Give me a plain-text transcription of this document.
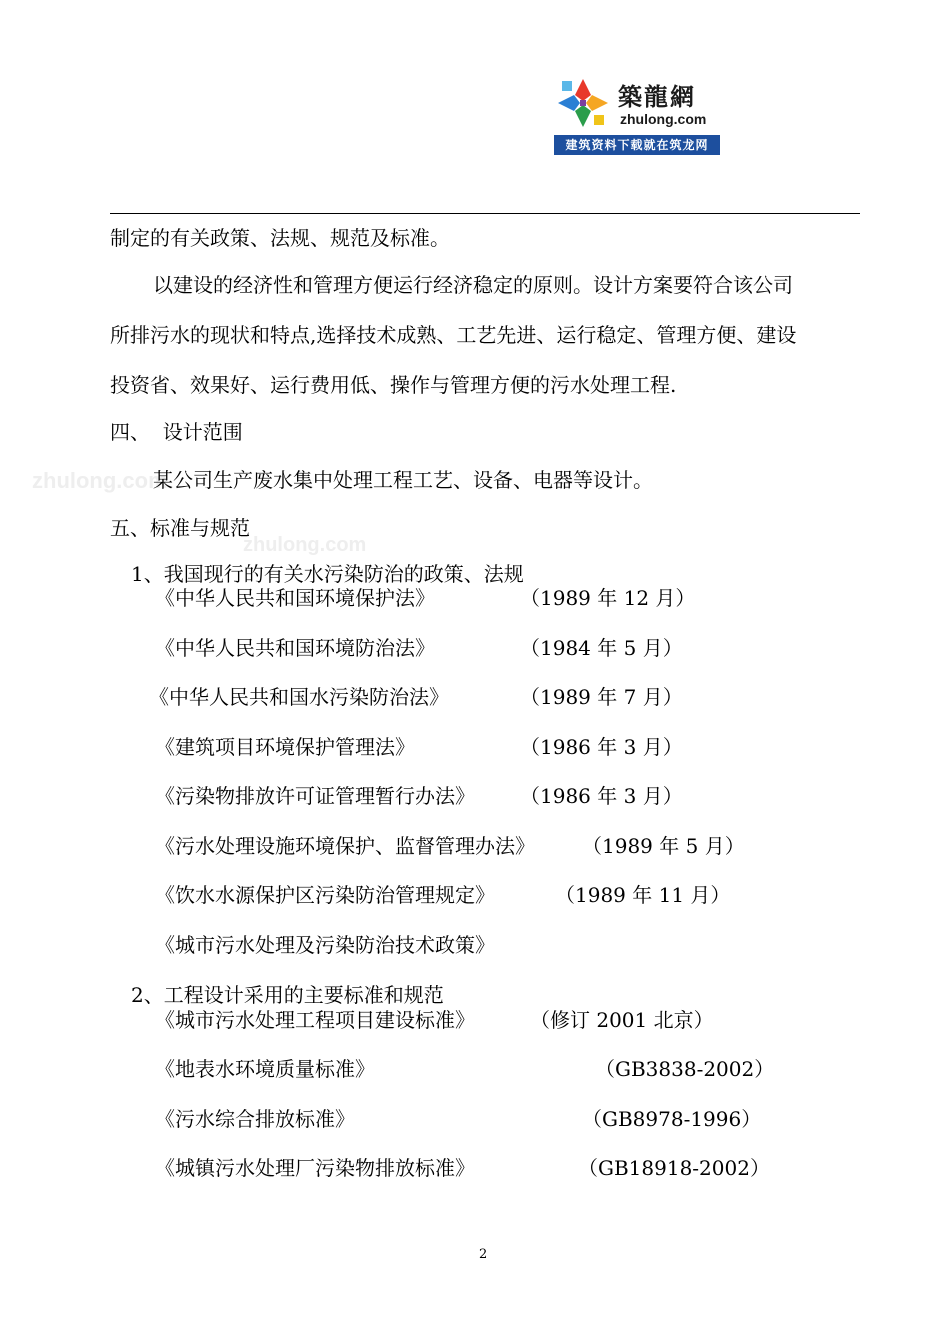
築龍網
zhulong.com
建筑资料下载就在筑龙网
zhulong.com
zhulong.com
制定的有关政策、法规、规范及标准。
以建设的经济性和管理方便运行经济稳定的原则。设计方案要符合该公司
所排污水的现状和特点,选择技术成熟、工艺先进、运行稳定、管理方便、建设
投资省、效果好、运行费用低、操作与管理方便的污水处理工程.
四、  设计范围
某公司生产废水集中处理工程工艺、设备、电器等设计。
五、标准与规范
1、我国现行的有关水污染防治的政策、法规
《中华人民共和国环境保护法》	（1989 年 12 月）
《中华人民共和国环境防治法》	（1984 年 5 月）
《中华人民共和国水污染防治法》	（1989 年 7 月）
《建筑项目环境保护管理法》	（1986 年 3 月）
《污染物排放许可证管理暂行办法》 （1986 年 3 月）
《污水处理设施环境保护、监督管理办法》 （1989 年 5 月）
《饮水水源保护区污染防治管理规定》	（1989 年 11 月）
《城市污水处理及污染防治技术政策》
2、工程设计采用的主要标准和规范
《城市污水处理工程项目建设标准》	（修订 2001 北京）
《地表水环境质量标准》	（GB3838-2002）
《污水综合排放标准》	（GB8978-1996）
《城镇污水处理厂污染物排放标准》	（GB18918-2002）
2
